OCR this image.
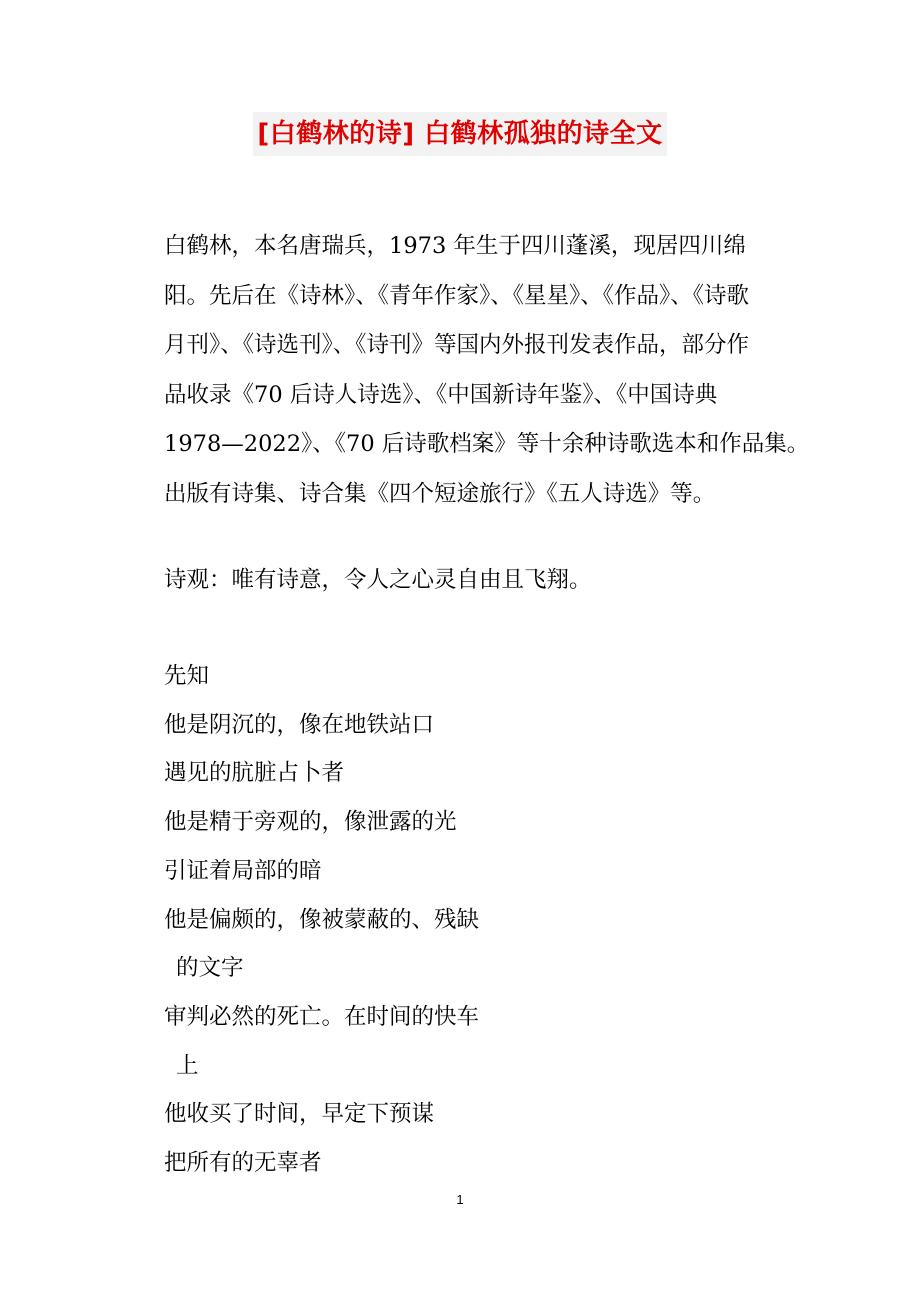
[白鹤林的诗] 白鹤林孤独的诗全文

白鹤林，本名唐瑞兵，1973 年生于四川蓬溪，现居四川绵
阳。先后在《诗林》、《青年作家》、《星星》、《作品》、《诗歌
月刊》、《诗选刊》、《诗刊》等国内外报刊发表作品，部分作
品收录《70 后诗人诗选》、《中国新诗年鉴》、《中国诗典
1978—2022》、《70 后诗歌档案》等十余种诗歌选本和作品集。
出版有诗集、诗合集《四个短途旅行》《五人诗选》等。

诗观：唯有诗意，令人之心灵自由且飞翔。

先知
他是阴沉的，像在地铁站口
遇见的肮脏占卜者
他是精于旁观的，像泄露的光
引证着局部的暗
他是偏颇的，像被蒙蔽的、残缺
的文字
审判必然的死亡。在时间的快车
上
他收买了时间，早定下预谋
把所有的无辜者
1
